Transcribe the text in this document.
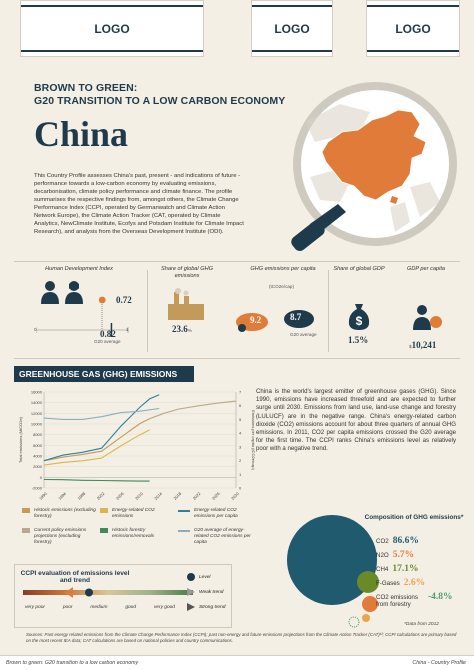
LOGO	LOGO	LOGO
BROWN TO GREEN:
G20 TRANSITION TO A LOW CARBON ECONOMY
China
This Country Profile assesses China's past, present - and indications of future - performance towards a low-carbon economy by evaluating emissions, decarbonisation, climate policy performance and climate finance. The profile summarises the respective findings from, amongst others, the Climate Change Performance Index (CCPI, operated by Germanwatch and Climate Action Network Europe), the Climate Action Tracker (CAT, operated by Climate Analytics, NewClimate Institute, Ecofys and Potsdam Institute for Climate Impact Research), and analysis from the Overseas Development Institute (ODI).
Human Development Index
0.72
0	1
0.82
G20 average
Share of global GHG emissions
23.6%
GHG emissions per capita
(tCO2e/cap)
9.2	8.7
G20 average
Share of global GDP
$
1.5%
GDP per capita
$10,241
GREENHOUSE GAS (GHG) EMISSIONS
China is the world's largest emitter of greenhouse gases (GHG). Since 1990, emissions have increased threefold and are expected to further surge until 2030. Emissions from land use, land-use change and forestry (LULUCF) are in the negative range. China's energy-related carbon dioxide (CO2) emissions account for about three quarters of annual GHG emissions. In 2011, CO2 per capita emissions crossed the G20 average for the first time. The CCPI ranks China's emissions level as relatively poor with a negative trend.
-2000
0
2000
4000
6000
8000
10000
12000
14000
16000
0
1
2
3
4
5
6
7
1990 1994 1998 2002 2006 2010 2014 2018 2022 2026 2030
Total emissions (MtCO2e)	Emissions per capita (tCO2e/cap)
Historic emissions (excluding forestry)
Energy-related CO2 emissions
Energy-related CO2 emissions per capita
Current policy emissions projections (excluding forestry)
Historic forestry emissions/removals
G20 average of energy-related CO2 emissions per capita
CCPI evaluation of emissions level and trend
very poor	poor	medium	good	very good
Level
Weak trend
Strong trend
Composition of GHG emissions*
CO2 86.6%
N2O 5.7%
CH4 17.1%
F-Gases 2.6%
CO2 emissions from forestry
-4.8%
*Data from 2012
Sources: Past energy related emissions from the Climate Change Performance Index (CCPI); past non-energy and future emissions projections from the Climate Action Tracker (CAT)¹²; CCPI calculations are primary based on the most recent IEA data; CAT calculations are based on national policies and country communications.
Brown to green: G20 transition to a low carbon economy	China - Country Profile
